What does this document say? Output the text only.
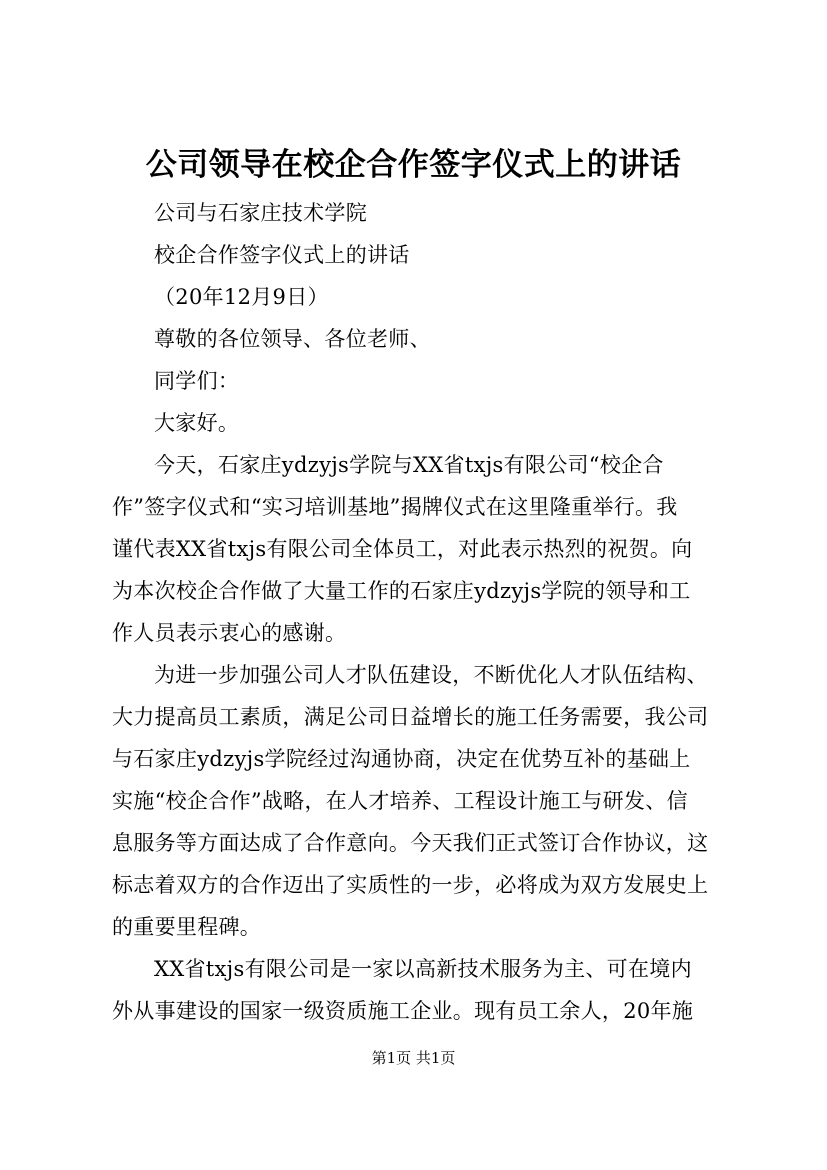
公司领导在校企合作签字仪式上的讲话

公司与石家庄技术学院

校企合作签字仪式上的讲话

（20年12月9日）

尊敬的各位领导、各位老师、

同学们：

大家好。

今天，石家庄ydzyjs学院与XX省txjs有限公司“校企合
作”签字仪式和“实习培训基地”揭牌仪式在这里隆重举行。我
谨代表XX省txjs有限公司全体员工，对此表示热烈的祝贺。向
为本次校企合作做了大量工作的石家庄ydzyjs学院的领导和工
作人员表示衷心的感谢。
为进一步加强公司人才队伍建设，不断优化人才队伍结构、
大力提高员工素质，满足公司日益增长的施工任务需要，我公司
与石家庄ydzyjs学院经过沟通协商，决定在优势互补的基础上
实施“校企合作”战略，在人才培养、工程设计施工与研发、信
息服务等方面达成了合作意向。今天我们正式签订合作协议，这
标志着双方的合作迈出了实质性的一步，必将成为双方发展史上
的重要里程碑。
XX省txjs有限公司是一家以高新技术服务为主、可在境内
外从事建设的国家一级资质施工企业。现有员工余人，20年施
第1页 共1页
